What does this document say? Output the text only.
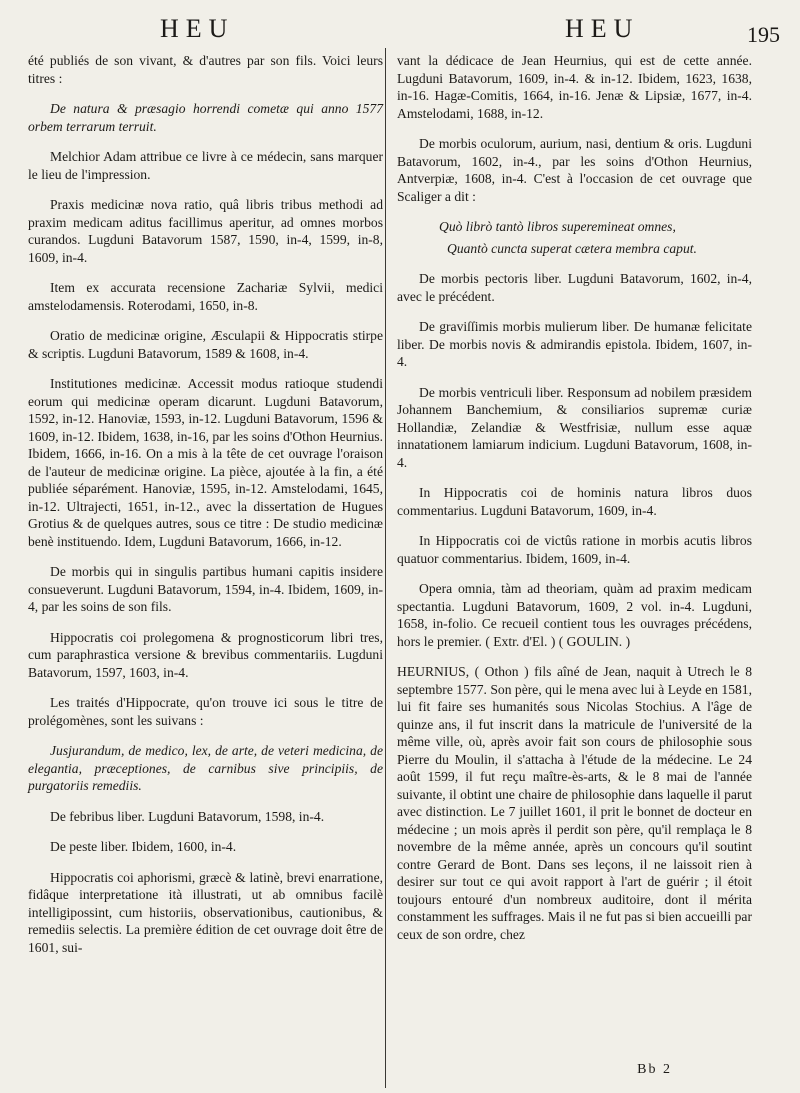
HEU	HEU	195

été publiés de son vivant, & d'autres par son fils. Voici leurs titres :

De natura & præsagio horrendi cometæ qui anno 1577 orbem terrarum terruit.

Melchior Adam attribue ce livre à ce médecin, sans marquer le lieu de l'impression.

Praxis medicinæ nova ratio, quâ libris tribus methodi ad praxim medicam aditus facillimus aperitur, ad omnes morbos curandos. Lugduni Batavorum 1587, 1590, in-4, 1599, in-8, 1609, in-4.

Item ex accurata recensione Zachariæ Sylvii, medici amstelodamensis. Roterodami, 1650, in-8.

Oratio de medicinæ origine, Æsculapii & Hippocratis stirpe & scriptis. Lugduni Batavorum, 1589 & 1608, in-4.

Institutiones medicinæ. Accessit modus ratioque studendi eorum qui medicinæ operam dicarunt. Lugduni Batavorum, 1592, in-12. Hanoviæ, 1593, in-12. Lugduni Batavorum, 1596 & 1609, in-12. Ibidem, 1638, in-16, par les soins d'Othon Heurnius. Ibidem, 1666, in-16. On a mis à la tête de cet ouvrage l'oraison de l'auteur de medicinæ origine. La pièce, ajoutée à la fin, a été publiée séparément. Hanoviæ, 1595, in-12. Amstelodami, 1645, in-12. Ultrajecti, 1651, in-12., avec la dissertation de Hugues Grotius & de quelques autres, sous ce titre : De studio medicinæ benè instituendo. Idem, Lugduni Batavorum, 1666, in-12.

De morbis qui in singulis partibus humani capitis insidere consueverunt. Lugduni Batavorum, 1594, in-4. Ibidem, 1609, in-4, par les soins de son fils.

Hippocratis coi prolegomena & prognosticorum libri tres, cum paraphrastica versione & brevibus commentariis. Lugduni Batavorum, 1597, 1603, in-4.

Les traités d'Hippocrate, qu'on trouve ici sous le titre de prolégomènes, sont les suivans :

Jusjurandum, de medico, lex, de arte, de veteri medicina, de elegantia, præceptiones, de carnibus sive principiis, de purgatoriis remediis.

De febribus liber. Lugduni Batavorum, 1598, in-4.

De peste liber. Ibidem, 1600, in-4.

Hippocratis coi aphorismi, græcè & latinè, brevi enarratione, fidâque interpretatione ità illustrati, ut ab omnibus facilè intelligipossint, cum historiis, observationibus, cautionibus, & remediis selectis. La première édition de cet ouvrage doit être de 1601, sui-

vant la dédicace de Jean Heurnius, qui est de cette année. Lugduni Batavorum, 1609, in-4. & in-12. Ibidem, 1623, 1638, in-16. Hagæ-Comitis, 1664, in-16. Jenæ & Lipsiæ, 1677, in-4. Amstelodami, 1688, in-12.

De morbis oculorum, aurium, nasi, dentium & oris. Lugduni Batavorum, 1602, in-4., par les soins d'Othon Heurnius, Antverpiæ, 1608, in-4. C'est à l'occasion de cet ouvrage que Scaliger a dit :

Quò librò tantò libros superemineat omnes,

Quantò cuncta superat cætera membra caput.

De morbis pectoris liber. Lugduni Batavorum, 1602, in-4, avec le précédent.

De graviſſimis morbis mulierum liber. De humanæ felicitate liber. De morbis novis & admirandis epistola. Ibidem, 1607, in-4.

De morbis ventriculi liber. Responsum ad nobilem præsidem Johannem Banchemium, & consiliarios supremæ curiæ Hollandiæ, Zelandiæ & Westfrisiæ, nullum esse aquæ innatationem lamiarum indicium. Lugduni Batavorum, 1608, in-4.

In Hippocratis coi de hominis natura libros duos commentarius. Lugduni Batavorum, 1609, in-4.

In Hippocratis coi de victûs ratione in morbis acutis libros quatuor commentarius. Ibidem, 1609, in-4.

Opera omnia, tàm ad theoriam, quàm ad praxim medicam spectantia. Lugduni Batavorum, 1609, 2 vol. in-4. Lugduni, 1658, in-folio. Ce recueil contient tous les ouvrages précédens, hors le premier. ( Extr. d'El. ) ( GOULIN. )

HEURNIUS, ( Othon ) fils aîné de Jean, naquit à Utrech le 8 septembre 1577. Son père, qui le mena avec lui à Leyde en 1581, lui fit faire ses humanités sous Nicolas Stochius. A l'âge de quinze ans, il fut inscrit dans la matricule de l'université de la même ville, où, après avoir fait son cours de philosophie sous Pierre du Moulin, il s'attacha à l'étude de la médecine. Le 24 août 1599, il fut reçu maître-ès-arts, & le 8 mai de l'année suivante, il obtint une chaire de philosophie dans laquelle il parut avec distinction. Le 7 juillet 1601, il prit le bonnet de docteur en médecine ; un mois après il perdit son père, qu'il remplaça le 8 novembre de la même année, après un concours qu'il soutint contre Gerard de Bont. Dans ses leçons, il ne laissoit rien à desirer sur tout ce qui avoit rapport à l'art de guérir ; il étoit toujours entouré d'un nombreux auditoire, dont il mérita constamment les suffrages. Mais il ne fut pas si bien accueilli par ceux de son ordre, chez

Bb 2
